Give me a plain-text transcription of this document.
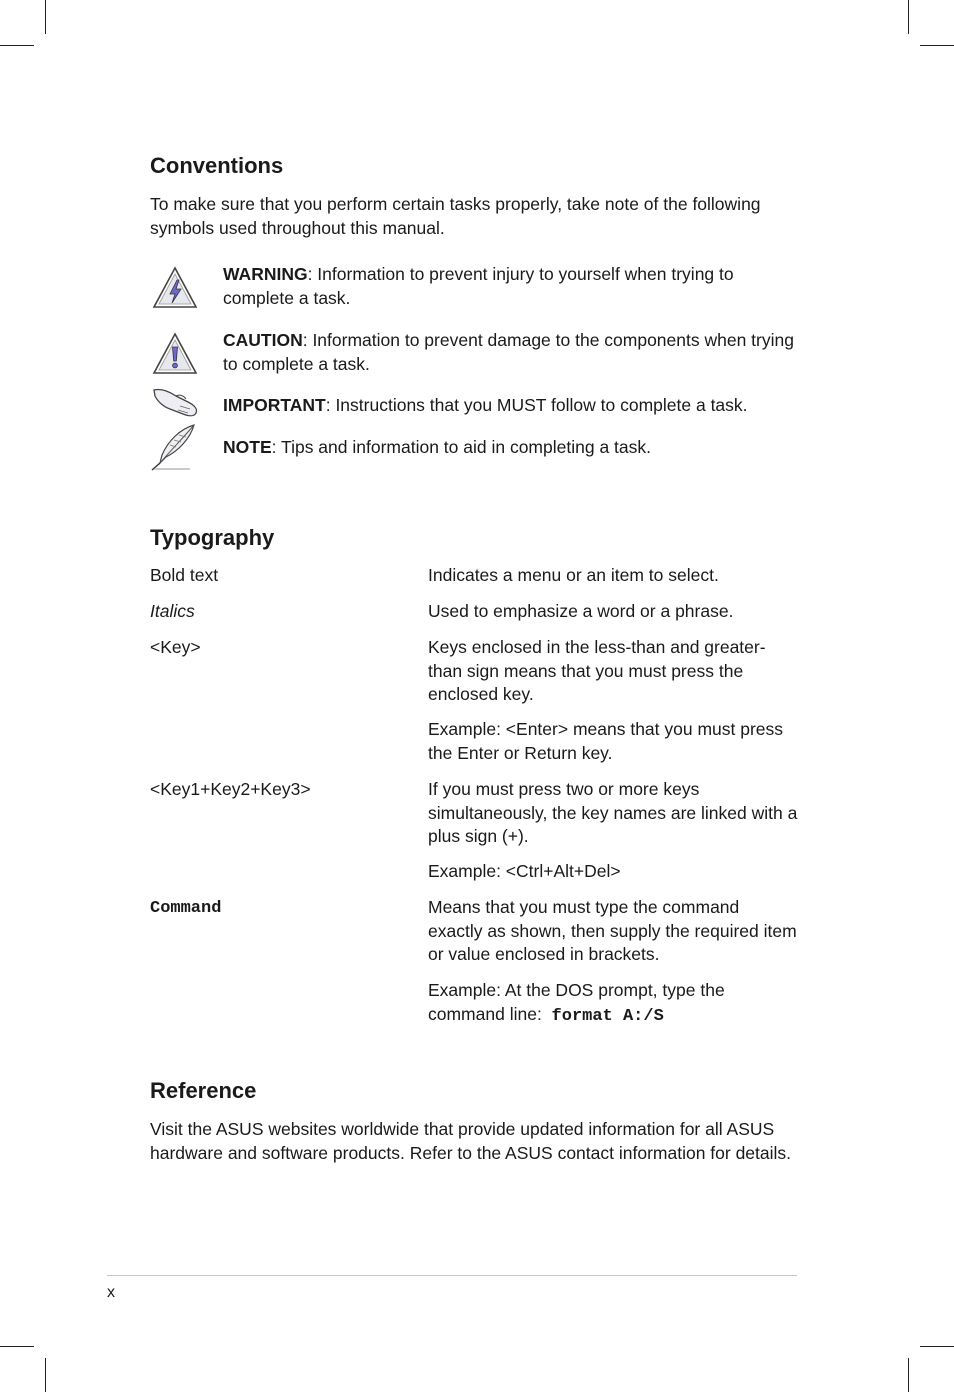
Conventions
To make sure that you perform certain tasks properly, take note of the following symbols used throughout this manual.
WARNING: Information to prevent injury to yourself when trying to complete a task.
CAUTION: Information to prevent damage to the components when trying to complete a task.
IMPORTANT: Instructions that you MUST follow to complete a task.
NOTE: Tips and information to aid in completing a task.
Typography
Bold text	Indicates a menu or an item to select.
Italics	Used to emphasize a word or a phrase.
<Key>	Keys enclosed in the less-than and greater-than sign means that you must press the enclosed key.
Example: <Enter> means that you must press the Enter or Return key.
<Key1+Key2+Key3>	If you must press two or more keys simultaneously, the key names are linked with a plus sign (+).
Example: <Ctrl+Alt+Del>
Command	Means that you must type the command exactly as shown, then supply the required item or value enclosed in brackets.
Example: At the DOS prompt, type the command line: format A:/S
Reference
Visit the ASUS websites worldwide that provide updated information for all ASUS hardware and software products. Refer to the ASUS contact information for details.
x
